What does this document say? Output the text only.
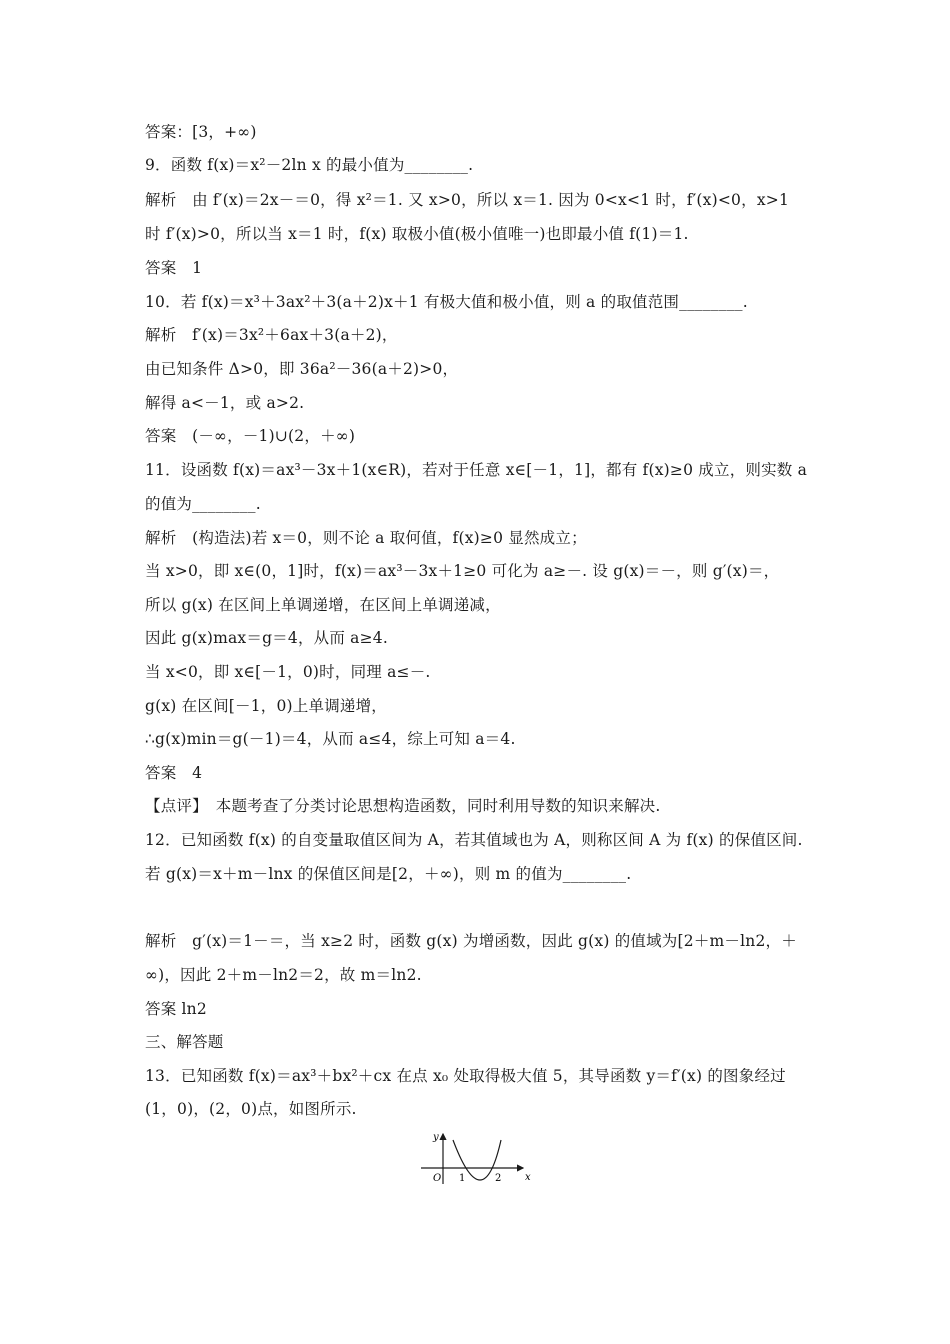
答案：[3，+∞)
9．函数 f(x)＝x²－2ln x 的最小值为________.
解析　由 f′(x)＝2x－＝0，得 x²＝1. 又 x>0，所以 x＝1. 因为 0<x<1 时，f′(x)<0，x>1
时 f′(x)>0，所以当 x＝1 时，f(x) 取极小值(极小值唯一)也即最小值 f(1)＝1.
答案　1
10．若 f(x)＝x³＋3ax²＋3(a＋2)x＋1 有极大值和极小值，则 a 的取值范围________.
解析　f′(x)＝3x²＋6ax＋3(a＋2)，
由已知条件 Δ>0，即 36a²－36(a＋2)>0，
解得 a<－1，或 a>2.
答案　(－∞，－1)∪(2，＋∞)
11．设函数 f(x)＝ax³－3x＋1(x∈R)，若对于任意 x∈[－1，1]，都有 f(x)≥0 成立，则实数 a
的值为________.
解析　(构造法)若 x＝0，则不论 a 取何值，f(x)≥0 显然成立；
当 x>0，即 x∈(0，1]时，f(x)＝ax³－3x＋1≥0 可化为 a≥－. 设 g(x)＝－，则 g′(x)＝，
所以 g(x) 在区间上单调递增，在区间上单调递减，
因此 g(x)max＝g＝4，从而 a≥4.
当 x<0，即 x∈[－1，0)时，同理 a≤－.
g(x) 在区间[－1，0)上单调递增，
∴g(x)min＝g(－1)＝4，从而 a≤4，综上可知 a＝4.
答案　4
【点评】　本题考查了分类讨论思想构造函数，同时利用导数的知识来解决.
12．已知函数 f(x) 的自变量取值区间为 A，若其值域也为 A，则称区间 A 为 f(x) 的保值区间.
若 g(x)＝x＋m－lnx 的保值区间是[2，＋∞)，则 m 的值为________.
解析　g′(x)＝1－＝，当 x≥2 时，函数 g(x) 为增函数，因此 g(x) 的值域为[2＋m－ln2，＋
∞)，因此 2＋m－ln2＝2，故 m＝ln2.
答案 ln2
三、解答题
13．已知函数 f(x)＝ax³＋bx²＋cx 在点 x₀ 处取得极大值 5，其导函数 y＝f′(x) 的图象经过
(1，0)，(2，0)点，如图所示.
y
x
O 1	2
